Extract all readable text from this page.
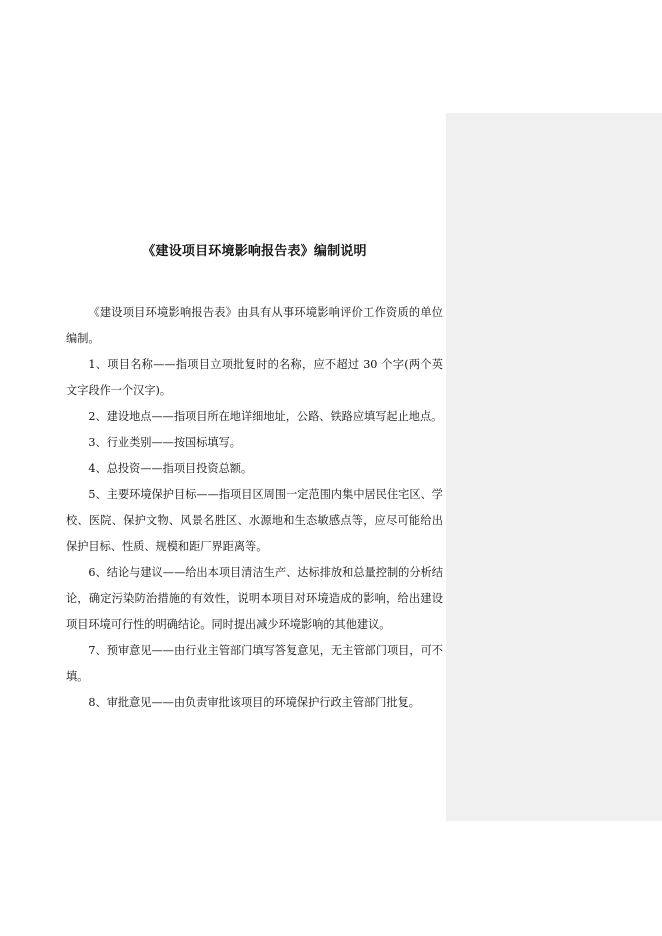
《建设项目环境影响报告表》编制说明

《建设项目环境影响报告表》由具有从事环境影响评价工作资质的单位编制。

1、项目名称——指项目立项批复时的名称，应不超过 30 个字(两个英文字段作一个汉字)。

2、建设地点——指项目所在地详细地址，公路、铁路应填写起止地点。

3、行业类别——按国标填写。

4、总投资——指项目投资总额。

5、主要环境保护目标——指项目区周围一定范围内集中居民住宅区、学校、医院、保护文物、风景名胜区、水源地和生态敏感点等，应尽可能给出保护目标、性质、规模和距厂界距离等。

6、结论与建议——给出本项目清洁生产、达标排放和总量控制的分析结论，确定污染防治措施的有效性，说明本项目对环境造成的影响，给出建设项目环境可行性的明确结论。同时提出减少环境影响的其他建议。

7、预审意见——由行业主管部门填写答复意见，无主管部门项目，可不填。

8、审批意见——由负责审批该项目的环境保护行政主管部门批复。
